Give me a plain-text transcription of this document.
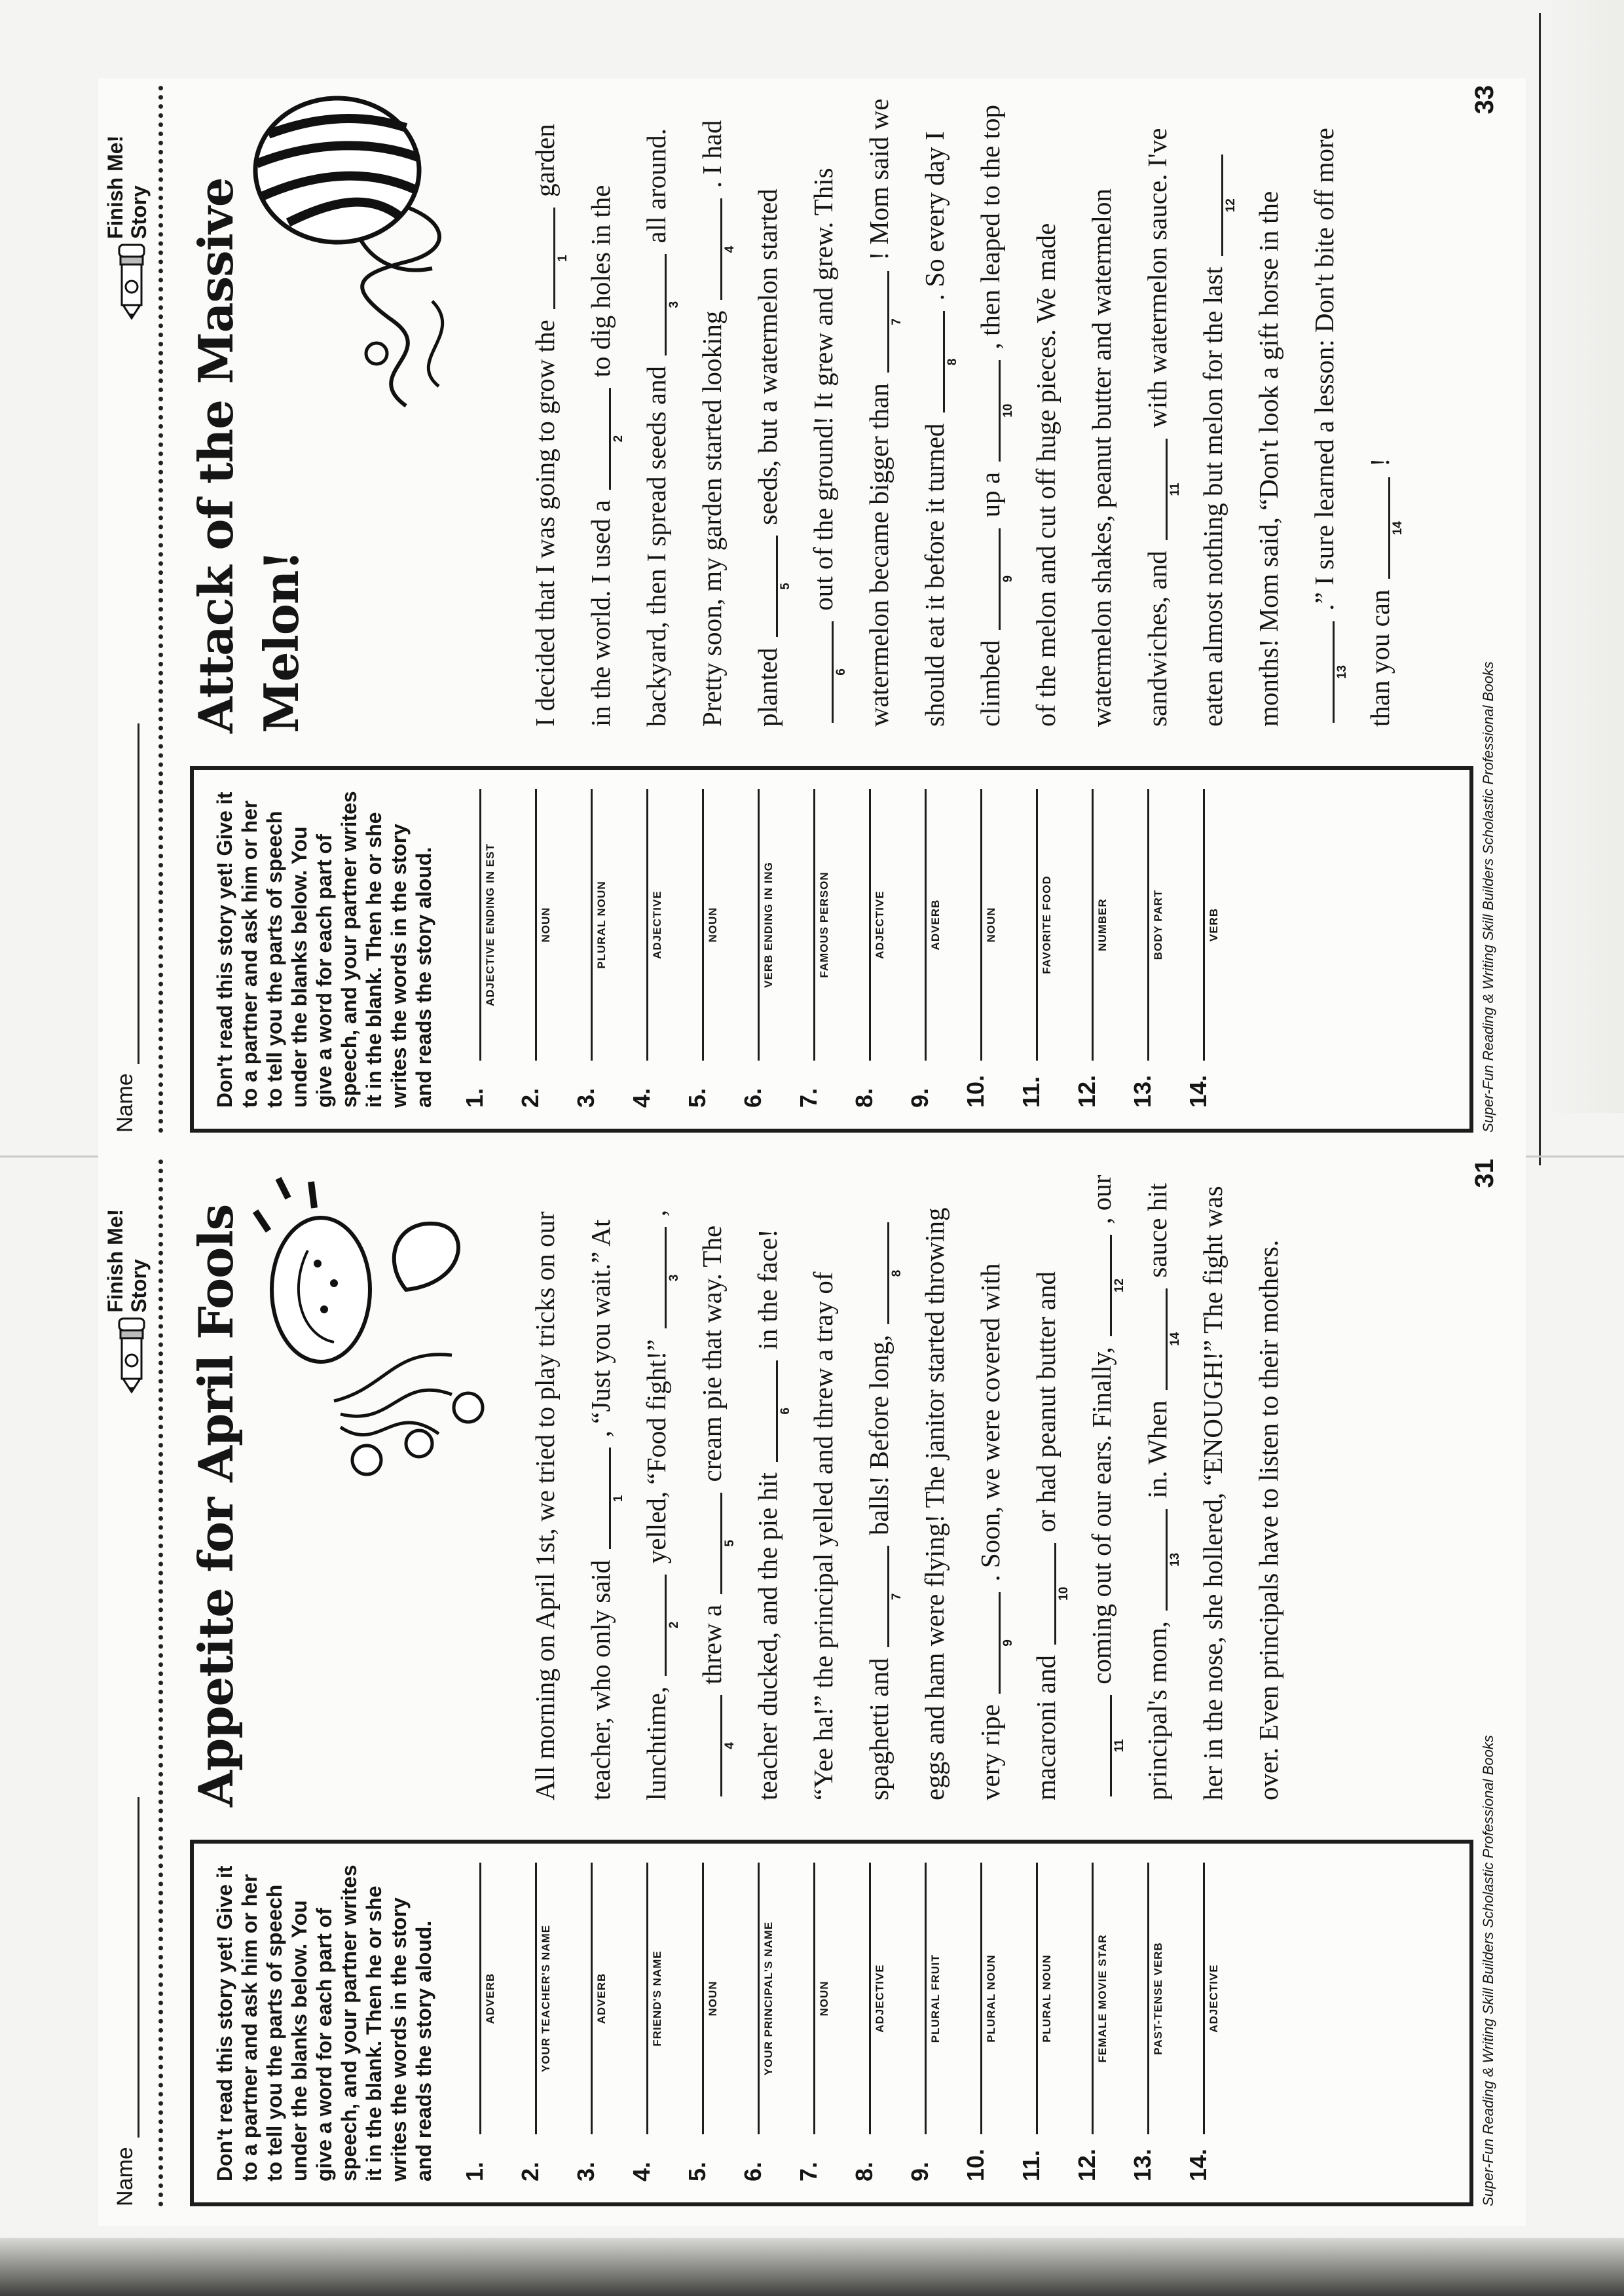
Name
Finish Me! Story

Don't read this story yet! Give it to a partner and ask him or her to tell you the parts of speech under the blanks below. You give a word for each part of speech, and your partner writes it in the blank. Then he or she writes the words in the story and reads the story aloud. 1.
ADJECTIVE ENDING IN EST
2.
NOUN
3.
PLURAL NOUN
4.
ADJECTIVE
5.
NOUN
6.
VERB ENDING IN ING
7.
FAMOUS PERSON
8.
ADJECTIVE
9.
ADVERB
10.
NOUN
11.
FAVORITE FOOD
12.
NUMBER
13.
BODY PART
14.
VERB
Attack of the Massive Melon!	I decided that I was going to grow the
1
garden in the world. I used a
2
to dig holes in the backyard, then I spread seeds and
3
all around. Pretty soon, my garden started looking
4
. I had planted
5
seeds, but a watermelon started
6
out of the ground! It grew and grew. This watermelon became bigger than
7
! Mom said we should eat it before it turned
8
. So every day I climbed
9
up a
10
, then leaped to the top of the melon and cut off huge pieces. We made watermelon shakes, peanut butter and watermelon sandwiches, and
11
with watermelon sauce. I've eaten almost nothing but melon for the last
12 months! Mom said, “Don't look a gift horse in the	13
.” I sure learned a lesson: Don't bite off more than you can
14
!

Super-Fun Reading & Writing Skill Builders Scholastic Professional Books
33
Name
Finish Me! Story

Don't read this story yet! Give it to a partner and ask him or her to tell you the parts of speech under the blanks below. You give a word for each part of speech, and your partner writes it in the blank. Then he or she writes the words in the story and reads the story aloud. 1.
ADVERB
2.
YOUR TEACHER'S NAME
3.
ADVERB
4.
FRIEND'S NAME
5.
NOUN
6.
YOUR PRINCIPAL'S NAME
7.
NOUN
8.
ADJECTIVE
9.
PLURAL FRUIT
10.
PLURAL NOUN
11.
PLURAL NOUN
12.
FEMALE MOVIE STAR
13.
PAST-TENSE VERB
14.
ADJECTIVE
Appetite for April Fools	All morning on April 1st, we tried to play tricks on our teacher, who only said
1
, “Just you wait.” At lunchtime,
2
yelled, “Food fight!”
3
,
4
threw a
5
cream pie that way. The teacher ducked, and the pie hit
6
in the face! “Yee ha!” the principal yelled and threw a tray of spaghetti and
7
balls! Before long,
8 eggs and ham were flying! The janitor started throwing very ripe
9
. Soon, we were covered with macaroni and
10
or had peanut butter and
11
coming out of our ears. Finally,
12
, our principal's mom,
13
in. When
14
sauce hit her in the nose, she hollered, “ENOUGH!” The fight was over. Even principals have to listen to their mothers.

Super-Fun Reading & Writing Skill Builders Scholastic Professional Books
31
